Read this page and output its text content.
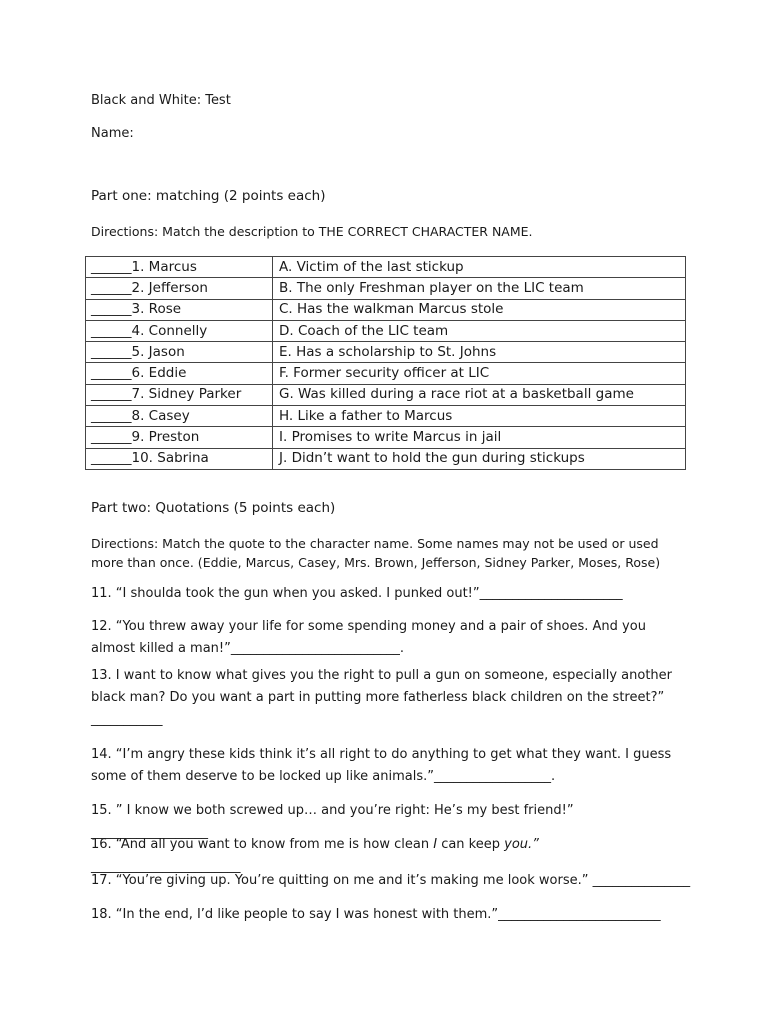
Black and White: Test
Name:
Part one: matching (2 points each)
Directions: Match the description to THE CORRECT CHARACTER NAME.
______1. Marcus	A. Victim of the last stickup
______2. Jefferson	B. The only Freshman player on the LIC team
______3. Rose	C. Has the walkman Marcus stole
______4. Connelly	D. Coach of the LIC team
______5. Jason	E. Has a scholarship to St. Johns
______6. Eddie	F. Former security officer at LIC
______7. Sidney Parker	G. Was killed during a race riot at a basketball game
______8. Casey	H. Like a father to Marcus
______9. Preston	I. Promises to write Marcus in jail
______10. Sabrina	J. Didn’t want to hold the gun during stickups
Part two: Quotations (5 points each)
Directions: Match the quote to the character name. Some names may not be used or used more than once. (Eddie, Marcus, Casey, Mrs. Brown, Jefferson, Sidney Parker, Moses, Rose)
11. “I shoulda took the gun when you asked. I punked out!”______________________
12. “You threw away your life for some spending money and a pair of shoes. And you almost killed a man!”__________________________.
13. I want to know what gives you the right to pull a gun on someone, especially another
black man? Do you want a part in putting more fatherless black children on the street?”
___________
14. “I’m angry these kids think it’s all right to do anything to get what they want. I guess some of them deserve to be locked up like animals.”__________________.
15. ” I know we both screwed up… and you’re right: He’s my best friend!” __________________
16. “And all you want to know from me is how clean I can keep you.” _______________________
17. “You’re giving up. You’re quitting on me and it’s making me look worse.” _______________
18. “In the end, I’d like people to say I was honest with them.”_________________________
